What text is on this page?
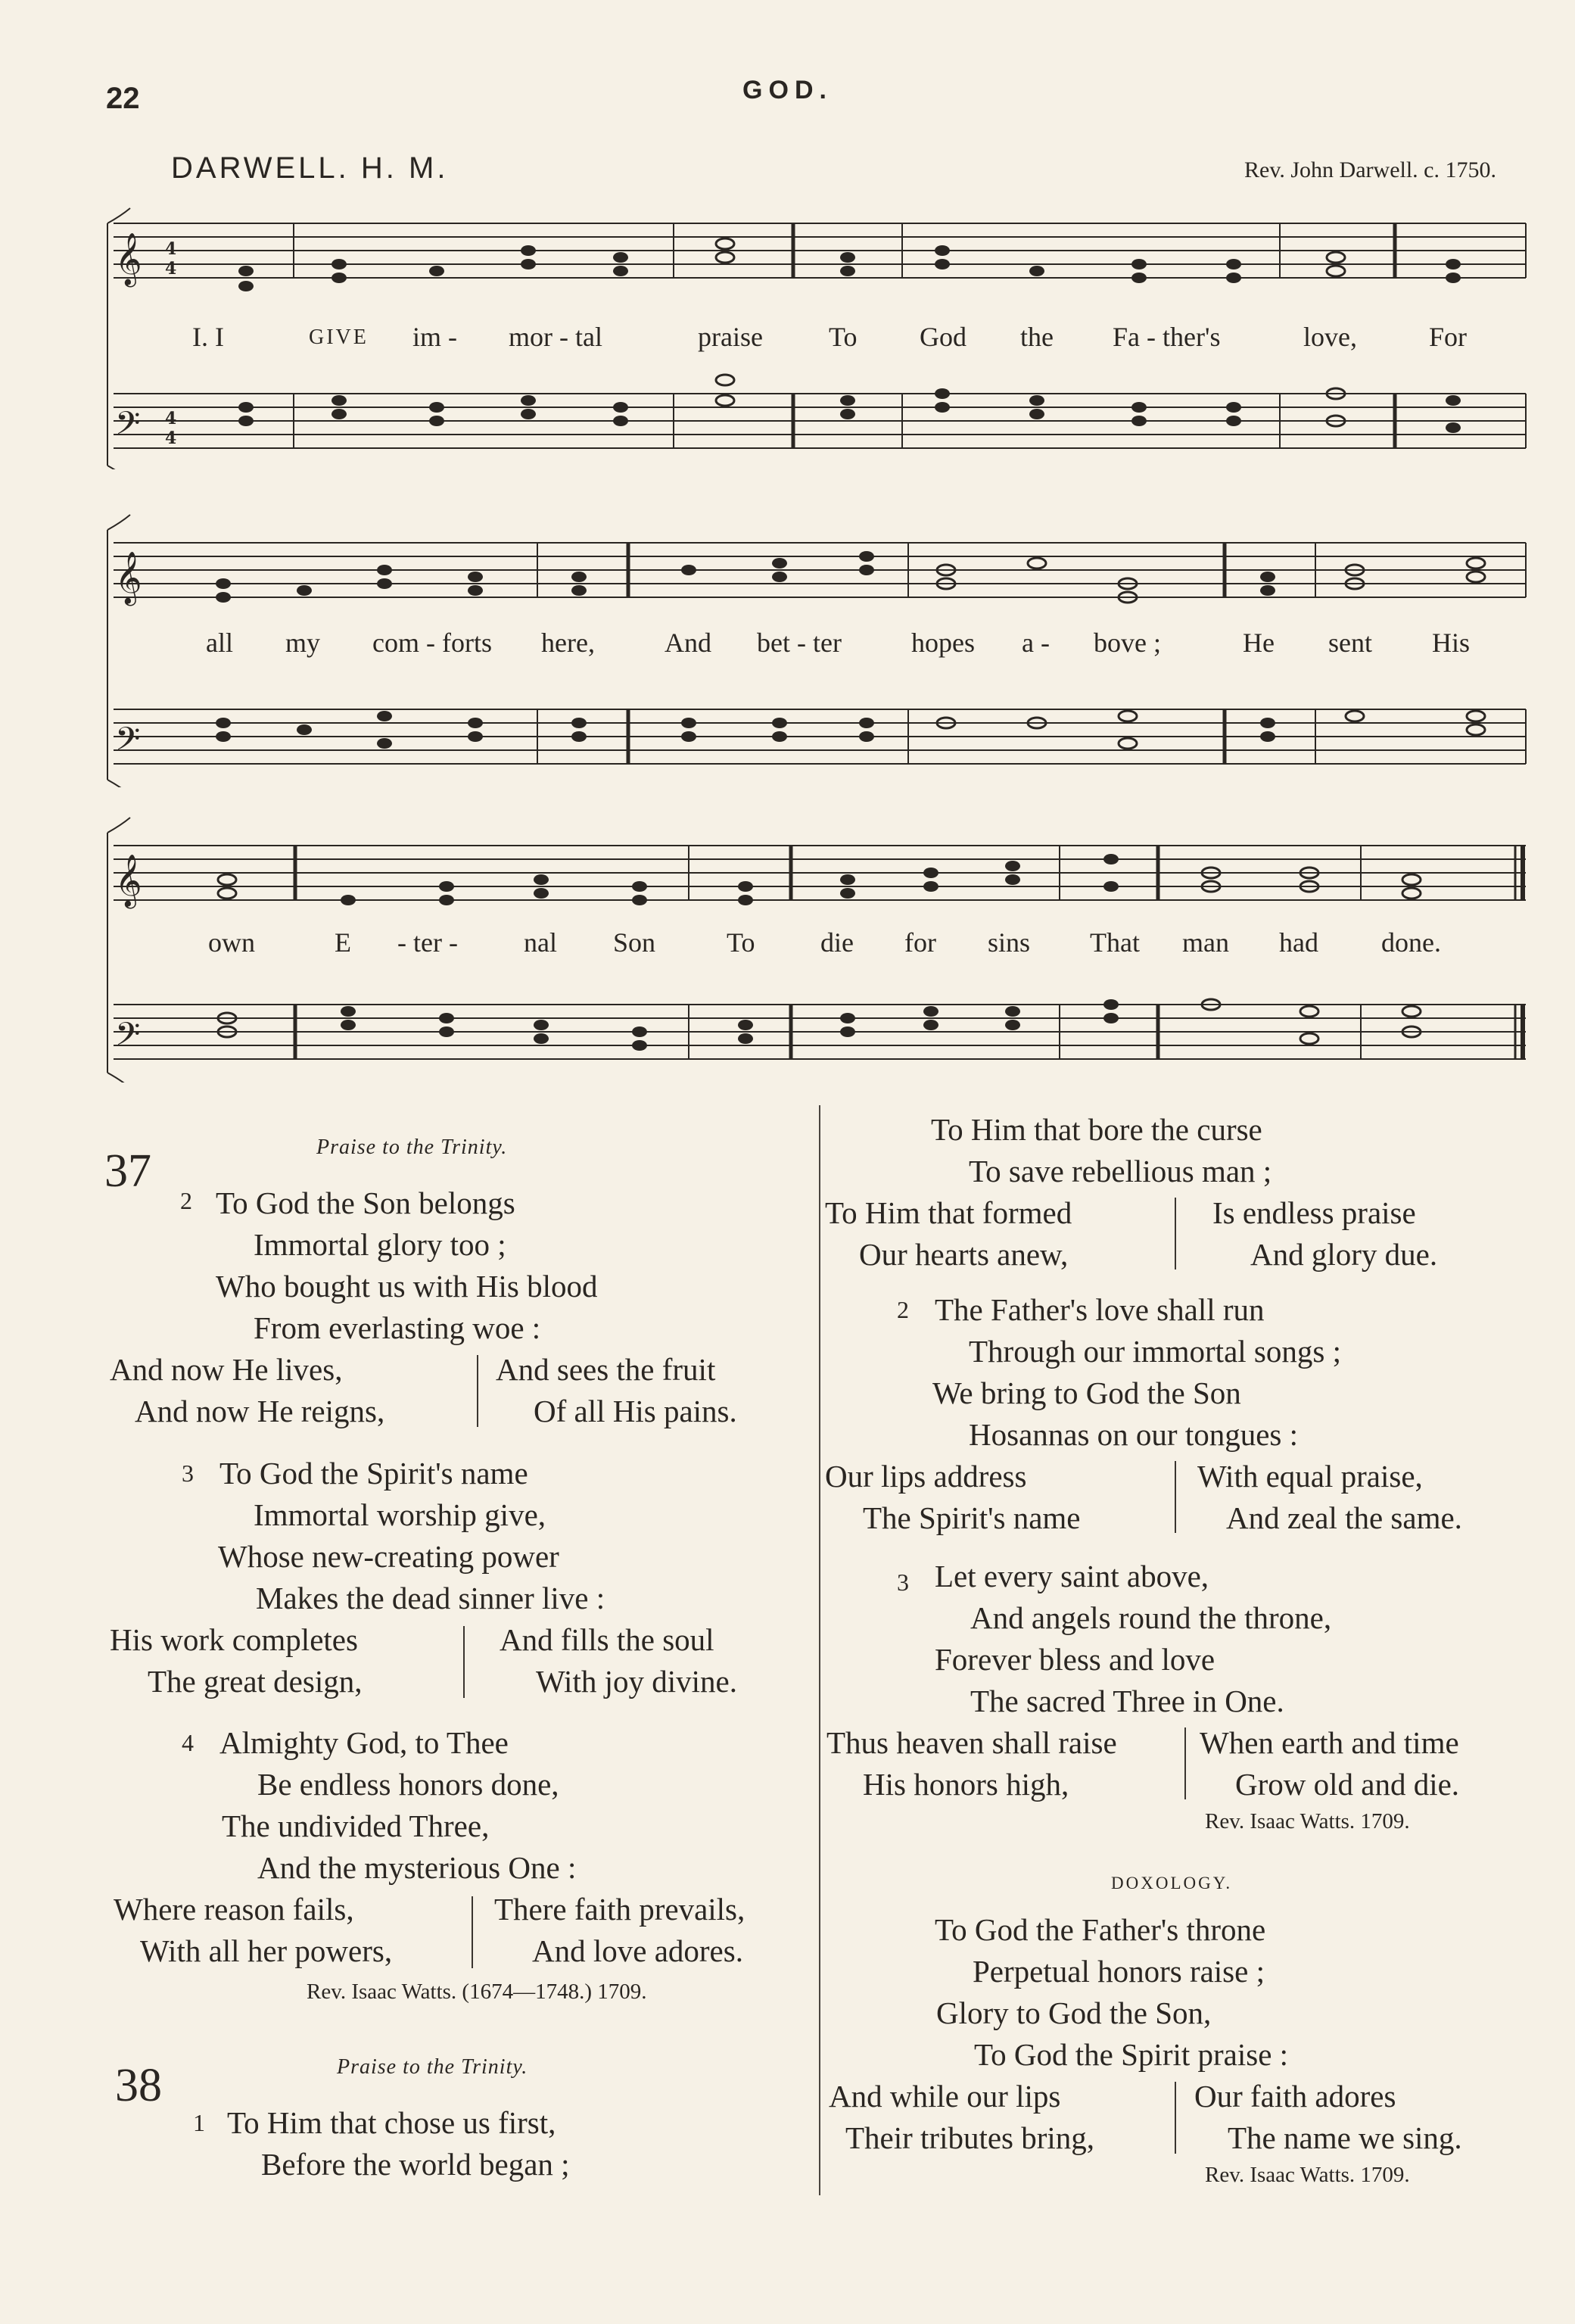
22	GOD.
DARWELL. H. M.	Rev. John Darwell. c. 1750.
𝄞
𝄢
4
4
4
4
I. I	GIVE im - mor - tal	praise To God the Fa - ther's	love,	For
𝄞
𝄢
all my com - forts here,	And bet - ter	hopes a - bove ;	He sent His
𝄞
𝄢
own	E - ter - nal Son	To die for sins That man had done.
37	Praise to the Trinity.
2 To God the Son belongs
Immortal glory too ;
Who bought us with His blood
From everlasting woe :
And now He lives,
And now He reigns,
And sees the fruit
Of all His pains.
3 To God the Spirit's name
Immortal worship give,
Whose new-creating power
Makes the dead sinner live :
His work completes
The great design,
And fills the soul
With joy divine.
4 Almighty God, to Thee
Be endless honors done,
The undivided Three,
And the mysterious One :
Where reason fails,
With all her powers,
There faith prevails,
And love adores.
Rev. Isaac Watts. (1674—1748.) 1709.
38	Praise to the Trinity.
1 To Him that chose us first,
Before the world began ;
To Him that bore the curse
To save rebellious man ;
To Him that formed
Our hearts anew,
Is endless praise
And glory due.
2 The Father's love shall run
Through our immortal songs ;
We bring to God the Son
Hosannas on our tongues :
Our lips address
The Spirit's name
With equal praise,
And zeal the same.
3 Let every saint above,
And angels round the throne,
Forever bless and love
The sacred Three in One.
Thus heaven shall raise
His honors high,
When earth and time
Grow old and die.
Rev. Isaac Watts. 1709.
DOXOLOGY.
To God the Father's throne
Perpetual honors raise ;
Glory to God the Son,
To God the Spirit praise :
And while our lips
Their tributes bring,
Our faith adores
The name we sing.
Rev. Isaac Watts. 1709.
